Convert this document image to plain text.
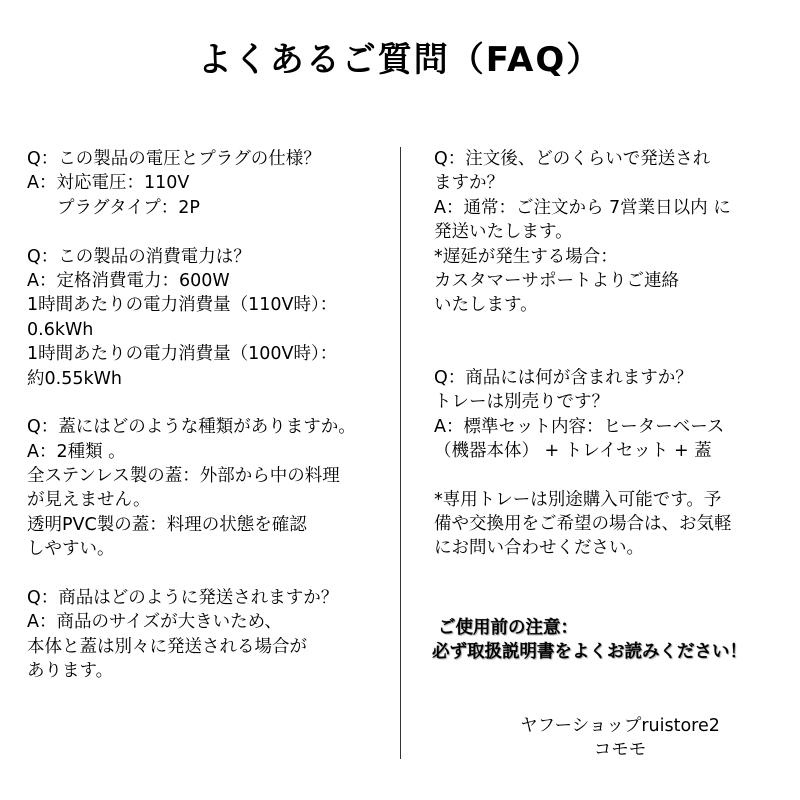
よくあるご質問（FAQ）
Q：この製品の電圧とプラグの仕様？
A：対応電圧：110V
プラグタイプ：2P
Q：この製品の消費電力は？
A：定格消費電力：600W
1時間あたりの電力消費量（110V時）：
0.6kWh
1時間あたりの電力消費量（100V時）：
約0.55kWh
Q：蓋にはどのような種類がありますか。
A：2種類 。
全ステンレス製の蓋：外部から中の料理
が見えません。
透明PVC製の蓋：料理の状態を確認
しやすい。
Q：商品はどのように発送されますか？
A：商品のサイズが大きいため、
本体と蓋は別々に発送される場合が
あります。
Q：注文後、どのくらいで発送され
ますか？
A：通常：ご注文から 7営業日以内 に
発送いたします。
*遅延が発生する場合：
カスタマーサポートよりご連絡
いたします。
Q：商品には何が含まれますか？
トレーは別売りです？
A：標準セット内容：ヒーターベース
（機器本体） + トレイセット + 蓋
*専用トレーは別途購入可能です。予
備や交換用をご希望の場合は、お気軽
にお問い合わせください。
ご使用前の注意：
必ず取扱説明書をよくお読みください！
ヤフーショップruistore2
コモモ
